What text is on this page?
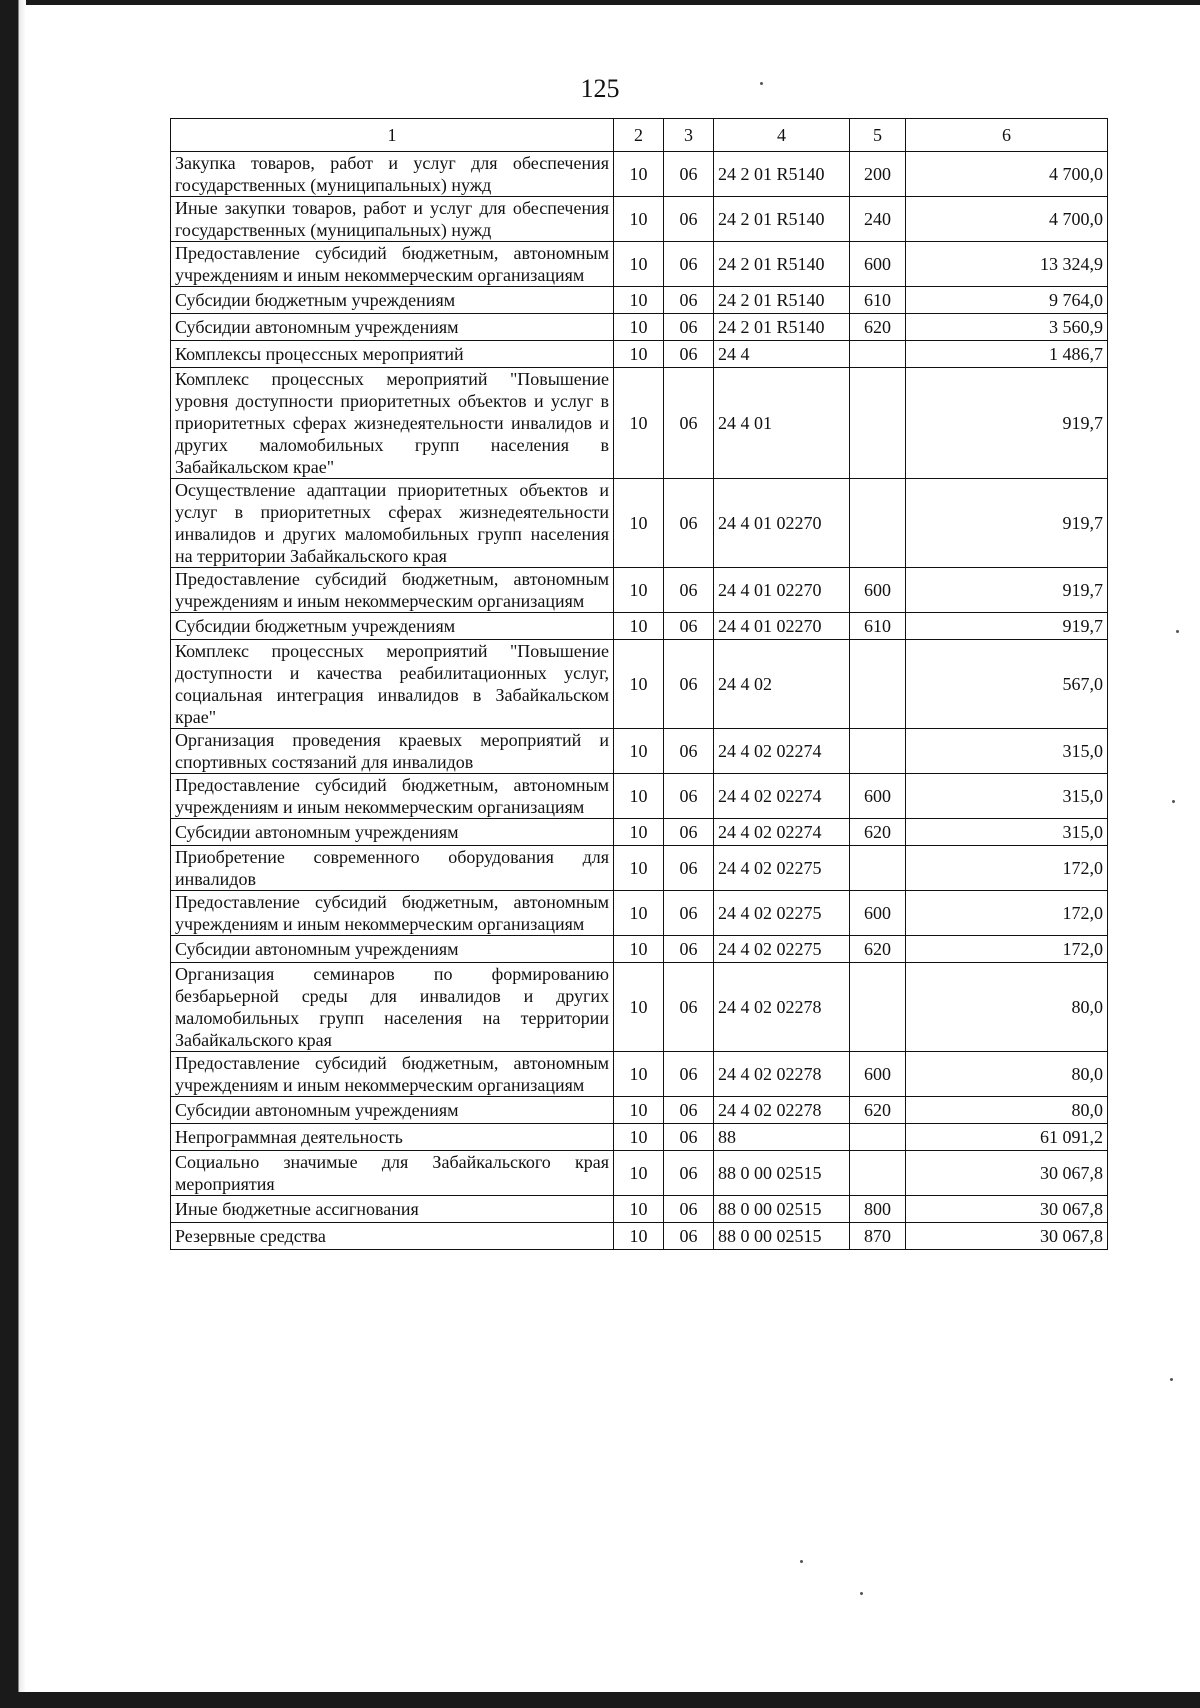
125
1	2	3	4	5	6
Закупка товаров, работ и услуг для обеспечения государственных (муниципальных) нужд	10	06	24 2 01 R5140	200	4 700,0
Иные закупки товаров, работ и услуг для обеспечения государственных (муниципальных) нужд	10	06	24 2 01 R5140	240	4 700,0
Предоставление субсидий бюджетным, автономным учреждениям и иным некоммерческим организациям	10	06	24 2 01 R5140	600	13 324,9
Субсидии бюджетным учреждениям	10	06	24 2 01 R5140	610	9 764,0
Субсидии автономным учреждениям	10	06	24 2 01 R5140	620	3 560,9
Комплексы процессных мероприятий	10	06	24 4		1 486,7
Комплекс процессных мероприятий "Повышение уровня доступности приоритетных объектов и услуг в приоритетных сферах жизнедеятельности инвалидов и других маломобильных групп населения в Забайкальском крае"	10	06	24 4 01		919,7
Осуществление адаптации приоритетных объектов и услуг в приоритетных сферах жизнедеятельности инвалидов и других маломобильных групп населения на территории Забайкальского края	10	06	24 4 01 02270		919,7
Предоставление субсидий бюджетным, автономным учреждениям и иным некоммерческим организациям	10	06	24 4 01 02270	600	919,7
Субсидии бюджетным учреждениям	10	06	24 4 01 02270	610	919,7
Комплекс процессных мероприятий "Повышение доступности и качества реабилитационных услуг, социальная интеграция инвалидов в Забайкальском крае"	10	06	24 4 02		567,0
Организация проведения краевых мероприятий и спортивных состязаний для инвалидов	10	06	24 4 02 02274		315,0
Предоставление субсидий бюджетным, автономным учреждениям и иным некоммерческим организациям	10	06	24 4 02 02274	600	315,0
Субсидии автономным учреждениям	10	06	24 4 02 02274	620	315,0
Приобретение современного оборудования для инвалидов	10	06	24 4 02 02275		172,0
Предоставление субсидий бюджетным, автономным учреждениям и иным некоммерческим организациям	10	06	24 4 02 02275	600	172,0
Субсидии автономным учреждениям	10	06	24 4 02 02275	620	172,0
Организация семинаров по формированию безбарьерной среды для инвалидов и других маломобильных групп населения на территории Забайкальского края	10	06	24 4 02 02278		80,0
Предоставление субсидий бюджетным, автономным учреждениям и иным некоммерческим организациям	10	06	24 4 02 02278	600	80,0
Субсидии автономным учреждениям	10	06	24 4 02 02278	620	80,0
Непрограммная деятельность	10	06	88		61 091,2
Социально значимые для Забайкальского края мероприятия	10	06	88 0 00 02515		30 067,8
Иные бюджетные ассигнования	10	06	88 0 00 02515	800	30 067,8
Резервные средства	10	06	88 0 00 02515	870	30 067,8
